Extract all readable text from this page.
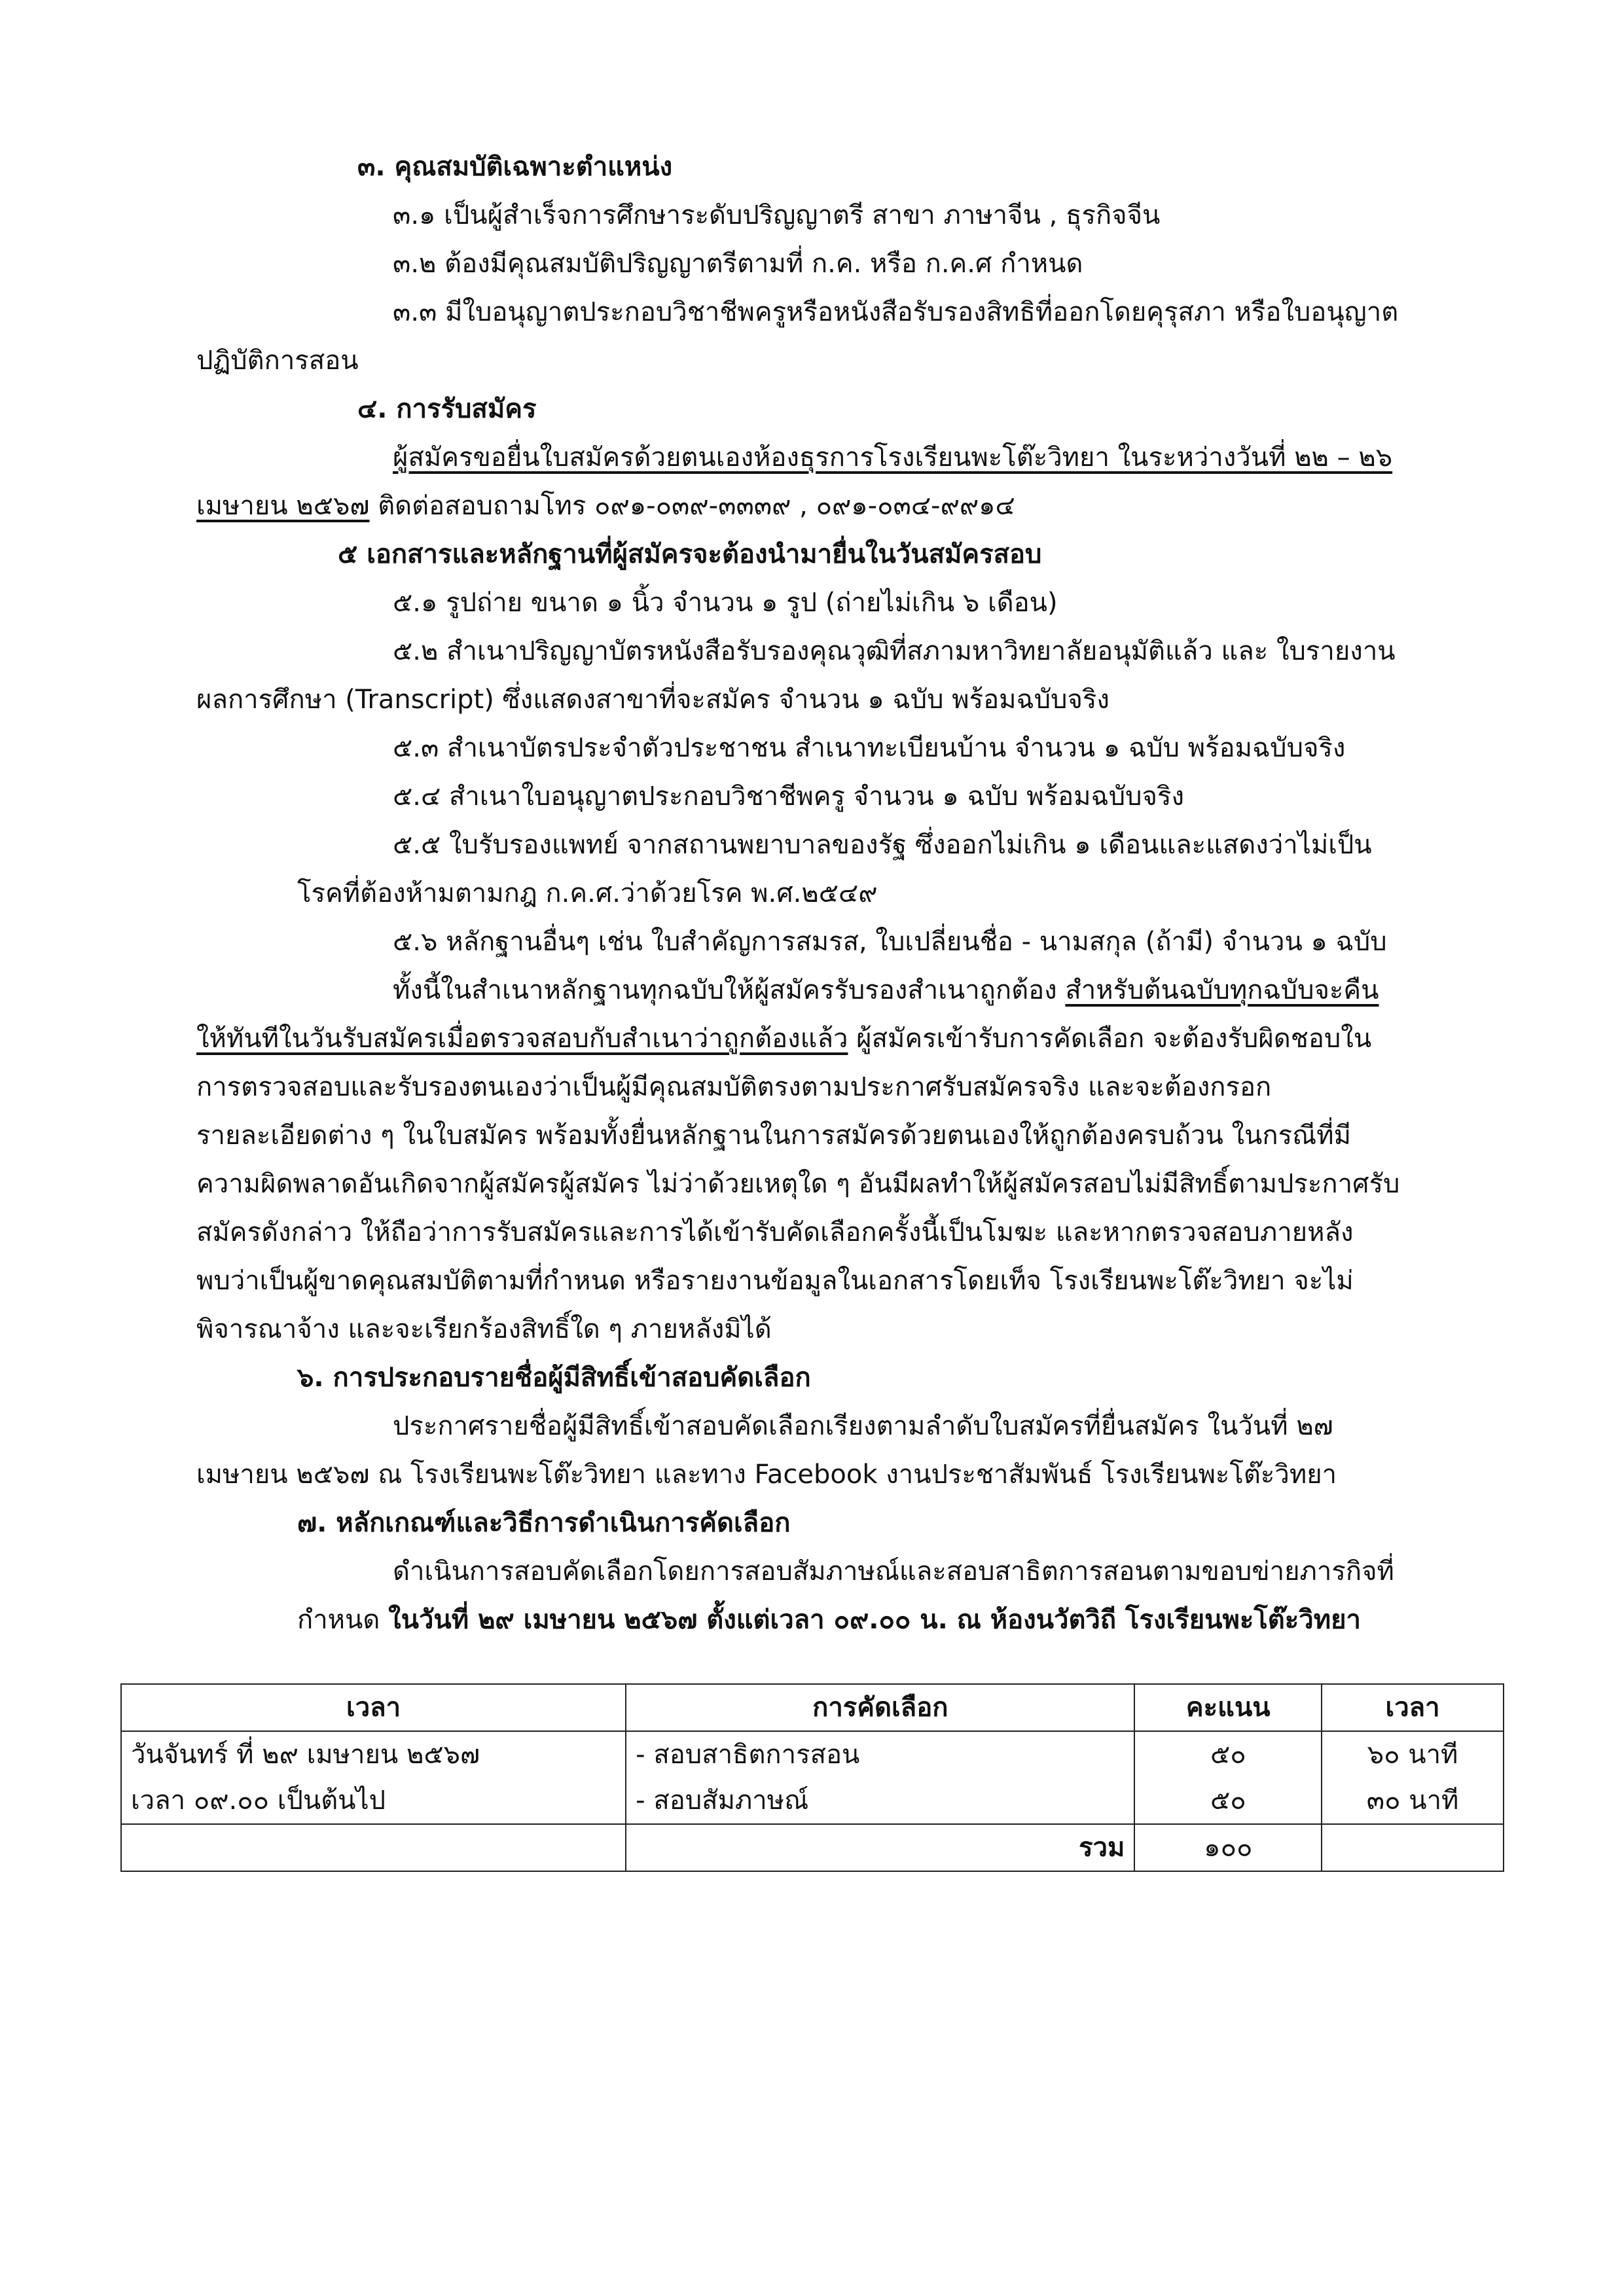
๓. คุณสมบัติเฉพาะตำแหน่ง
๓.๑ เป็นผู้สำเร็จการศึกษาระดับปริญญาตรี สาขา ภาษาจีน , ธุรกิจจีน
๓.๒ ต้องมีคุณสมบัติปริญญาตรีตามที่ ก.ค. หรือ ก.ค.ศ กำหนด
๓.๓ มีใบอนุญาตประกอบวิชาชีพครูหรือหนังสือรับรองสิทธิที่ออกโดยคุรุสภา หรือใบอนุญาต
ปฏิบัติการสอน
๔. การรับสมัคร
ผู้สมัครขอยื่นใบสมัครด้วยตนเองห้องธุรการโรงเรียนพะโต๊ะวิทยา ในระหว่างวันที่ ๒๒ – ๒๖
เมษายน ๒๕๖๗ ติดต่อสอบถามโทร ๐๙๑-๐๓๙-๓๓๓๙ , ๐๙๑-๐๓๔-๙๙๑๔
๕ เอกสารและหลักฐานที่ผู้สมัครจะต้องนำมายื่นในวันสมัครสอบ
๕.๑ รูปถ่าย ขนาด ๑ นิ้ว จำนวน ๑ รูป (ถ่ายไม่เกิน ๖ เดือน)
๕.๒ สำเนาปริญญาบัตรหนังสือรับรองคุณวุฒิที่สภามหาวิทยาลัยอนุมัติแล้ว และ ใบรายงาน
ผลการศึกษา (Transcript) ซึ่งแสดงสาขาที่จะสมัคร จำนวน ๑ ฉบับ พร้อมฉบับจริง
๕.๓ สำเนาบัตรประจำตัวประชาชน สำเนาทะเบียนบ้าน จำนวน ๑ ฉบับ พร้อมฉบับจริง
๕.๔ สำเนาใบอนุญาตประกอบวิชาชีพครู จำนวน ๑ ฉบับ พร้อมฉบับจริง
๕.๕ ใบรับรองแพทย์ จากสถานพยาบาลของรัฐ ซึ่งออกไม่เกิน ๑ เดือนและแสดงว่าไม่เป็น
โรคที่ต้องห้ามตามกฎ ก.ค.ศ.ว่าด้วยโรค พ.ศ.๒๕๔๙
๕.๖ หลักฐานอื่นๆ เช่น ใบสำคัญการสมรส, ใบเปลี่ยนชื่อ - นามสกุล (ถ้ามี) จำนวน ๑ ฉบับ
ทั้งนี้ในสำเนาหลักฐานทุกฉบับให้ผู้สมัครรับรองสำเนาถูกต้อง สำหรับต้นฉบับทุกฉบับจะคืน
ให้ทันทีในวันรับสมัครเมื่อตรวจสอบกับสำเนาว่าถูกต้องแล้ว ผู้สมัครเข้ารับการคัดเลือก จะต้องรับผิดชอบใน
การตรวจสอบและรับรองตนเองว่าเป็นผู้มีคุณสมบัติตรงตามประกาศรับสมัครจริง และจะต้องกรอก
รายละเอียดต่าง ๆ ในใบสมัคร พร้อมทั้งยื่นหลักฐานในการสมัครด้วยตนเองให้ถูกต้องครบถ้วน ในกรณีที่มี
ความผิดพลาดอันเกิดจากผู้สมัครผู้สมัคร ไม่ว่าด้วยเหตุใด ๆ อันมีผลทำให้ผู้สมัครสอบไม่มีสิทธิ์ตามประกาศรับ
สมัครดังกล่าว ให้ถือว่าการรับสมัครและการได้เข้ารับคัดเลือกครั้งนี้เป็นโมฆะ และหากตรวจสอบภายหลัง
พบว่าเป็นผู้ขาดคุณสมบัติตามที่กำหนด หรือรายงานข้อมูลในเอกสารโดยเท็จ โรงเรียนพะโต๊ะวิทยา จะไม่
พิจารณาจ้าง และจะเรียกร้องสิทธิ์ใด ๆ ภายหลังมิได้
๖. การประกอบรายชื่อผู้มีสิทธิ์เข้าสอบคัดเลือก
ประกาศรายชื่อผู้มีสิทธิ์เข้าสอบคัดเลือกเรียงตามลำดับใบสมัครที่ยื่นสมัคร ในวันที่ ๒๗
เมษายน ๒๕๖๗ ณ โรงเรียนพะโต๊ะวิทยา และทาง Facebook งานประชาสัมพันธ์ โรงเรียนพะโต๊ะวิทยา
๗. หลักเกณฑ์และวิธีการดำเนินการคัดเลือก
ดำเนินการสอบคัดเลือกโดยการสอบสัมภาษณ์และสอบสาธิตการสอนตามขอบข่ายภารกิจที่
กำหนด ในวันที่ ๒๙ เมษายน ๒๕๖๗ ตั้งแต่เวลา ๐๙.๐๐ น. ณ ห้องนวัตวิถี โรงเรียนพะโต๊ะวิทยา
เวลา	การคัดเลือก	คะแนน	เวลา
วันจันทร์ ที่ ๒๙ เมษายน ๒๕๖๗	- สอบสาธิตการสอน	๕๐	๖๐ นาที
เวลา ๐๙.๐๐ เป็นต้นไป	- สอบสัมภาษณ์	๕๐	๓๐ นาที
	รวม	๑๐๐	
